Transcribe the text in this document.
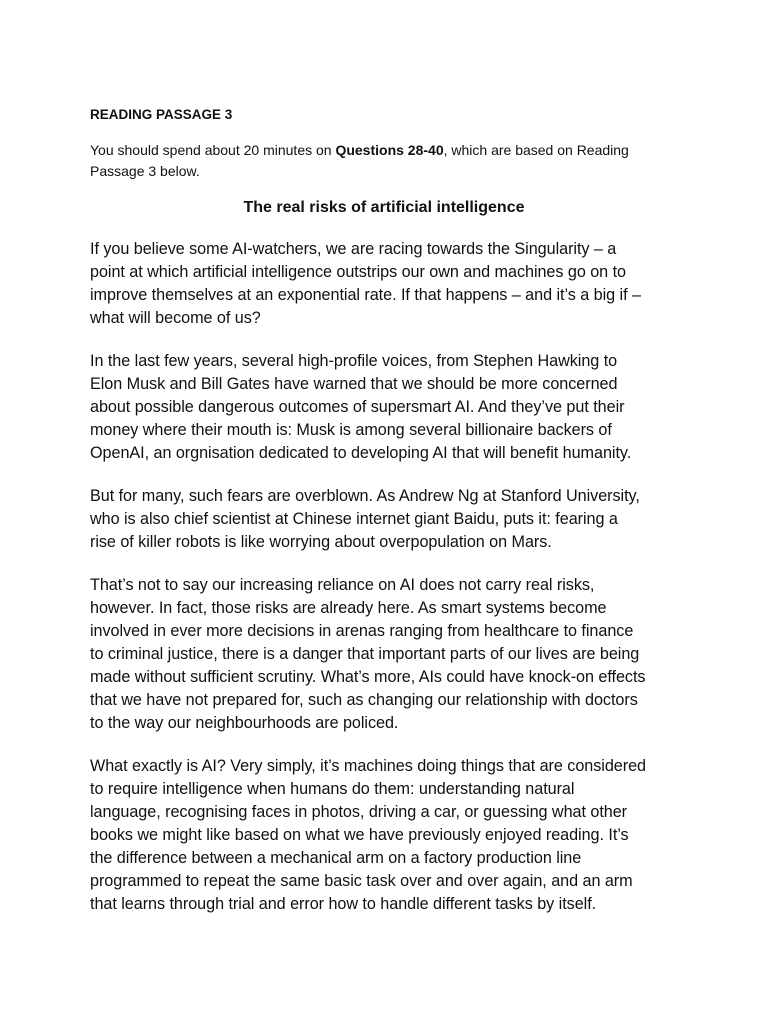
READING PASSAGE 3

You should spend about 20 minutes on Questions 28-40, which are based on Reading
Passage 3 below.

The real risks of artificial intelligence

If you believe some AI-watchers, we are racing towards the Singularity – a
point at which artificial intelligence outstrips our own and machines go on to
improve themselves at an exponential rate. If that happens – and it’s a big if –
what will become of us?

In the last few years, several high-profile voices, from Stephen Hawking to
Elon Musk and Bill Gates have warned that we should be more concerned
about possible dangerous outcomes of supersmart AI. And they’ve put their
money where their mouth is: Musk is among several billionaire backers of
OpenAI, an orgnisation dedicated to developing AI that will benefit humanity.

But for many, such fears are overblown. As Andrew Ng at Stanford University,
who is also chief scientist at Chinese internet giant Baidu, puts it: fearing a
rise of killer robots is like worrying about overpopulation on Mars.

That’s not to say our increasing reliance on AI does not carry real risks,
however. In fact, those risks are already here. As smart systems become
involved in ever more decisions in arenas ranging from healthcare to finance
to criminal justice, there is a danger that important parts of our lives are being
made without sufficient scrutiny. What’s more, AIs could have knock-on effects
that we have not prepared for, such as changing our relationship with doctors
to the way our neighbourhoods are policed.

What exactly is AI? Very simply, it’s machines doing things that are considered
to require intelligence when humans do them: understanding natural
language, recognising faces in photos, driving a car, or guessing what other
books we might like based on what we have previously enjoyed reading. It’s
the difference between a mechanical arm on a factory production line
programmed to repeat the same basic task over and over again, and an arm
that learns through trial and error how to handle different tasks by itself.
